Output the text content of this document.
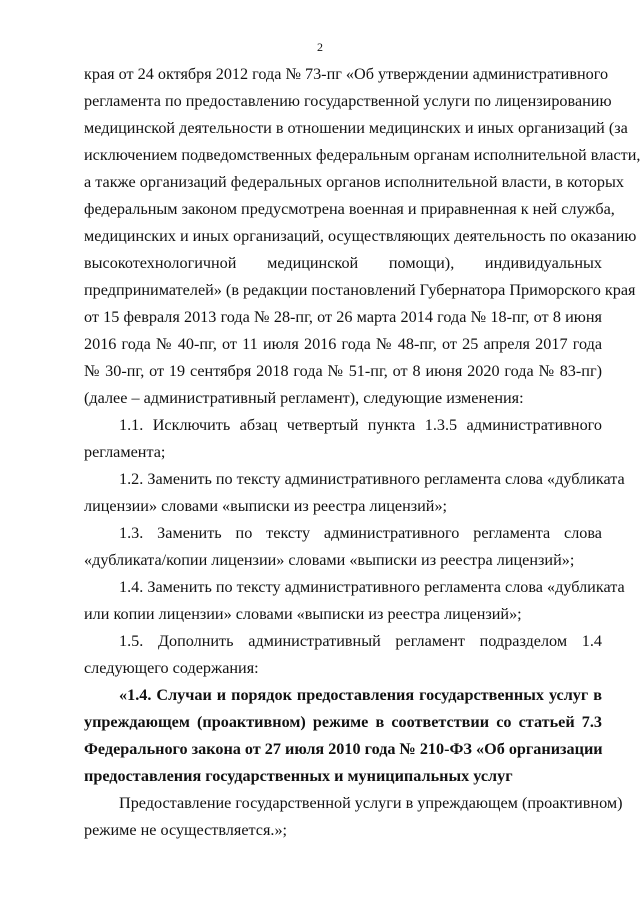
2
края от 24 октября 2012 года № 73-пг «Об утверждении административного
регламента по предоставлению государственной услуги по лицензированию
медицинской деятельности в отношении медицинских и иных организаций (за
исключением подведомственных федеральным органам исполнительной власти,
а также организаций федеральных органов исполнительной власти, в которых
федеральным законом предусмотрена военная и приравненная к ней служба,
медицинских и иных организаций, осуществляющих деятельность по оказанию
высокотехнологичной медицинской помощи), индивидуальных
предпринимателей» (в редакции постановлений Губернатора Приморского края
от 15 февраля 2013 года № 28-пг, от 26 марта 2014 года № 18-пг, от 8 июня
2016 года № 40-пг, от 11 июля 2016 года № 48-пг, от 25 апреля 2017 года
№ 30-пг, от 19 сентября 2018 года № 51-пг, от 8 июня 2020 года № 83-пг)
(далее – административный регламент), следующие изменения:
1.1. Исключить абзац четвертый пункта 1.3.5 административного
регламента;
1.2. Заменить по тексту административного регламента слова «дубликата
лицензии» словами «выписки из реестра лицензий»;
1.3. Заменить по тексту административного регламента слова
«дубликата/копии лицензии» словами «выписки из реестра лицензий»;
1.4. Заменить по тексту административного регламента слова «дубликата
или копии лицензии» словами «выписки из реестра лицензий»;
1.5. Дополнить административный регламент подразделом 1.4
следующего содержания:
«1.4. Случаи и порядок предоставления государственных услуг в
упреждающем (проактивном) режиме в соответствии со статьей 7.3
Федерального закона от 27 июля 2010 года № 210-ФЗ «Об организации
предоставления государственных и муниципальных услуг
Предоставление государственной услуги в упреждающем (проактивном)
режиме не осуществляется.»;
